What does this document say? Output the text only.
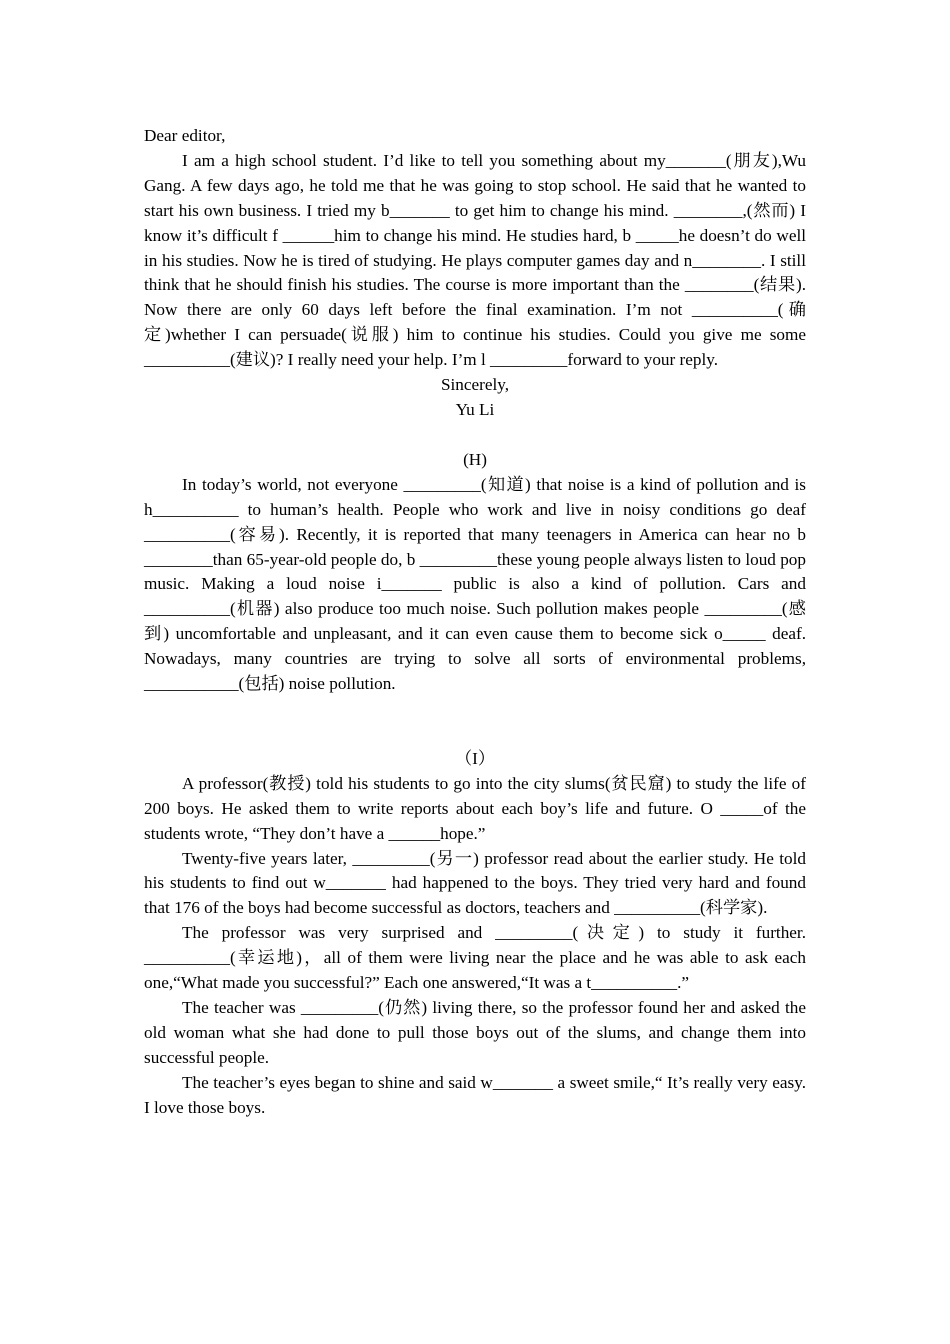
Dear editor,

I am a high school student. I’d like to tell you something about my_______(朋友),Wu Gang. A few days ago, he told me that he was going to stop school. He said that he wanted to start his own business. I tried my b_______ to get him to change his mind. ________,(然而) I know it’s difficult f ______him to change his mind. He studies hard, b _____he doesn’t do well in his studies. Now he is tired of studying. He plays computer games day and n________. I still think that he should finish his studies. The course is more important than the ________(结果). Now there are only 60 days left before the final examination. I’m not __________(确定)whether I can persuade(说服) him to continue his studies. Could you give me some __________(建议)? I really need your help. I’m l _________forward to your reply.

Sincerely,

Yu Li

(H)

In today’s world, not everyone _________(知道) that noise is a kind of pollution and is h__________ to human’s health. People who work and live in noisy conditions go deaf __________(容易). Recently, it is reported that many teenagers in America can hear no b ________than 65-year-old people do, b _________these young people always listen to loud pop music. Making a loud noise i_______ public is also a kind of pollution. Cars and __________(机器) also produce too much noise. Such pollution makes people _________(感到) uncomfortable and unpleasant, and it can even cause them to become sick o_____ deaf. Nowadays, many countries are trying to solve all sorts of environmental problems, ___________(包括) noise pollution.

（I）

A professor(教授) told his students to go into the city slums(贫民窟) to study the life of 200 boys. He asked them to write reports about each boy’s life and future. O _____of the students wrote, “They don’t have a ______hope.”

Twenty-five years later, _________(另一) professor read about the earlier study. He told his students to find out w_______ had happened to the boys. They tried very hard and found that 176 of the boys had become successful as doctors, teachers and __________(科学家).

The professor was very surprised and _________(决定) to study it further. __________(幸运地)，all of them were living near the place and he was able to ask each one,“What made you successful?” Each one answered,“It was a t__________.”

The teacher was _________(仍然) living there, so the professor found her and asked the old woman what she had done to pull those boys out of the slums, and change them into successful people.

The teacher’s eyes began to shine and said w_______ a sweet smile,“ It’s really very easy. I love those boys.
